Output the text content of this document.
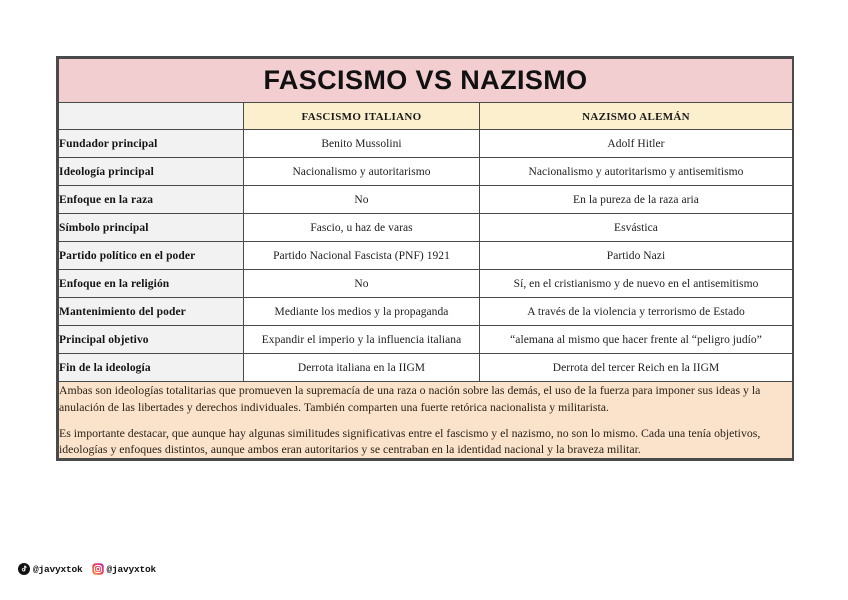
FASCISMO VS NAZISMO		
	FASCISMO ITALIANO	NAZISMO ALEMÁN
Fundador principal	Benito Mussolini	Adolf Hitler
Ideología principal	Nacionalismo y autoritarismo	Nacionalismo y autoritarismo y antisemitismo
Enfoque en la raza	No	En la pureza de la raza aria
Símbolo principal	Fascio, u haz de varas	Esvástica
Partido político en el poder	Partido Nacional Fascista (PNF) 1921	Partido Nazi
Enfoque en la religión	No	Sí, en el cristianismo y de nuevo en el antisemitismo
Mantenimiento del poder	Mediante los medios y la propaganda	A través de la violencia y terrorismo de Estado
Principal objetivo	Expandir el imperio y la influencia italiana	“alemana al mismo que hacer frente al “peligro judío”
Fin de la ideología	Derrota italiana en la IIGM	Derrota del tercer Reich en la IIGM

Ambas son ideologías totalitarias que promueven la supremacía de una raza o nación sobre las demás, el uso de la fuerza para imponer sus ideas y la anulación de las libertades y derechos individuales. También comparten una fuerte retórica nacionalista y militarista.

Es importante destacar, que aunque hay algunas similitudes significativas entre el fascismo y el nazismo, no son lo mismo. Cada una tenía objetivos, ideologías y enfoques distintos, aunque ambos eran autoritarios y se centraban en la identidad nacional y la braveza militar.		

@javyxtok	@javyxtok
